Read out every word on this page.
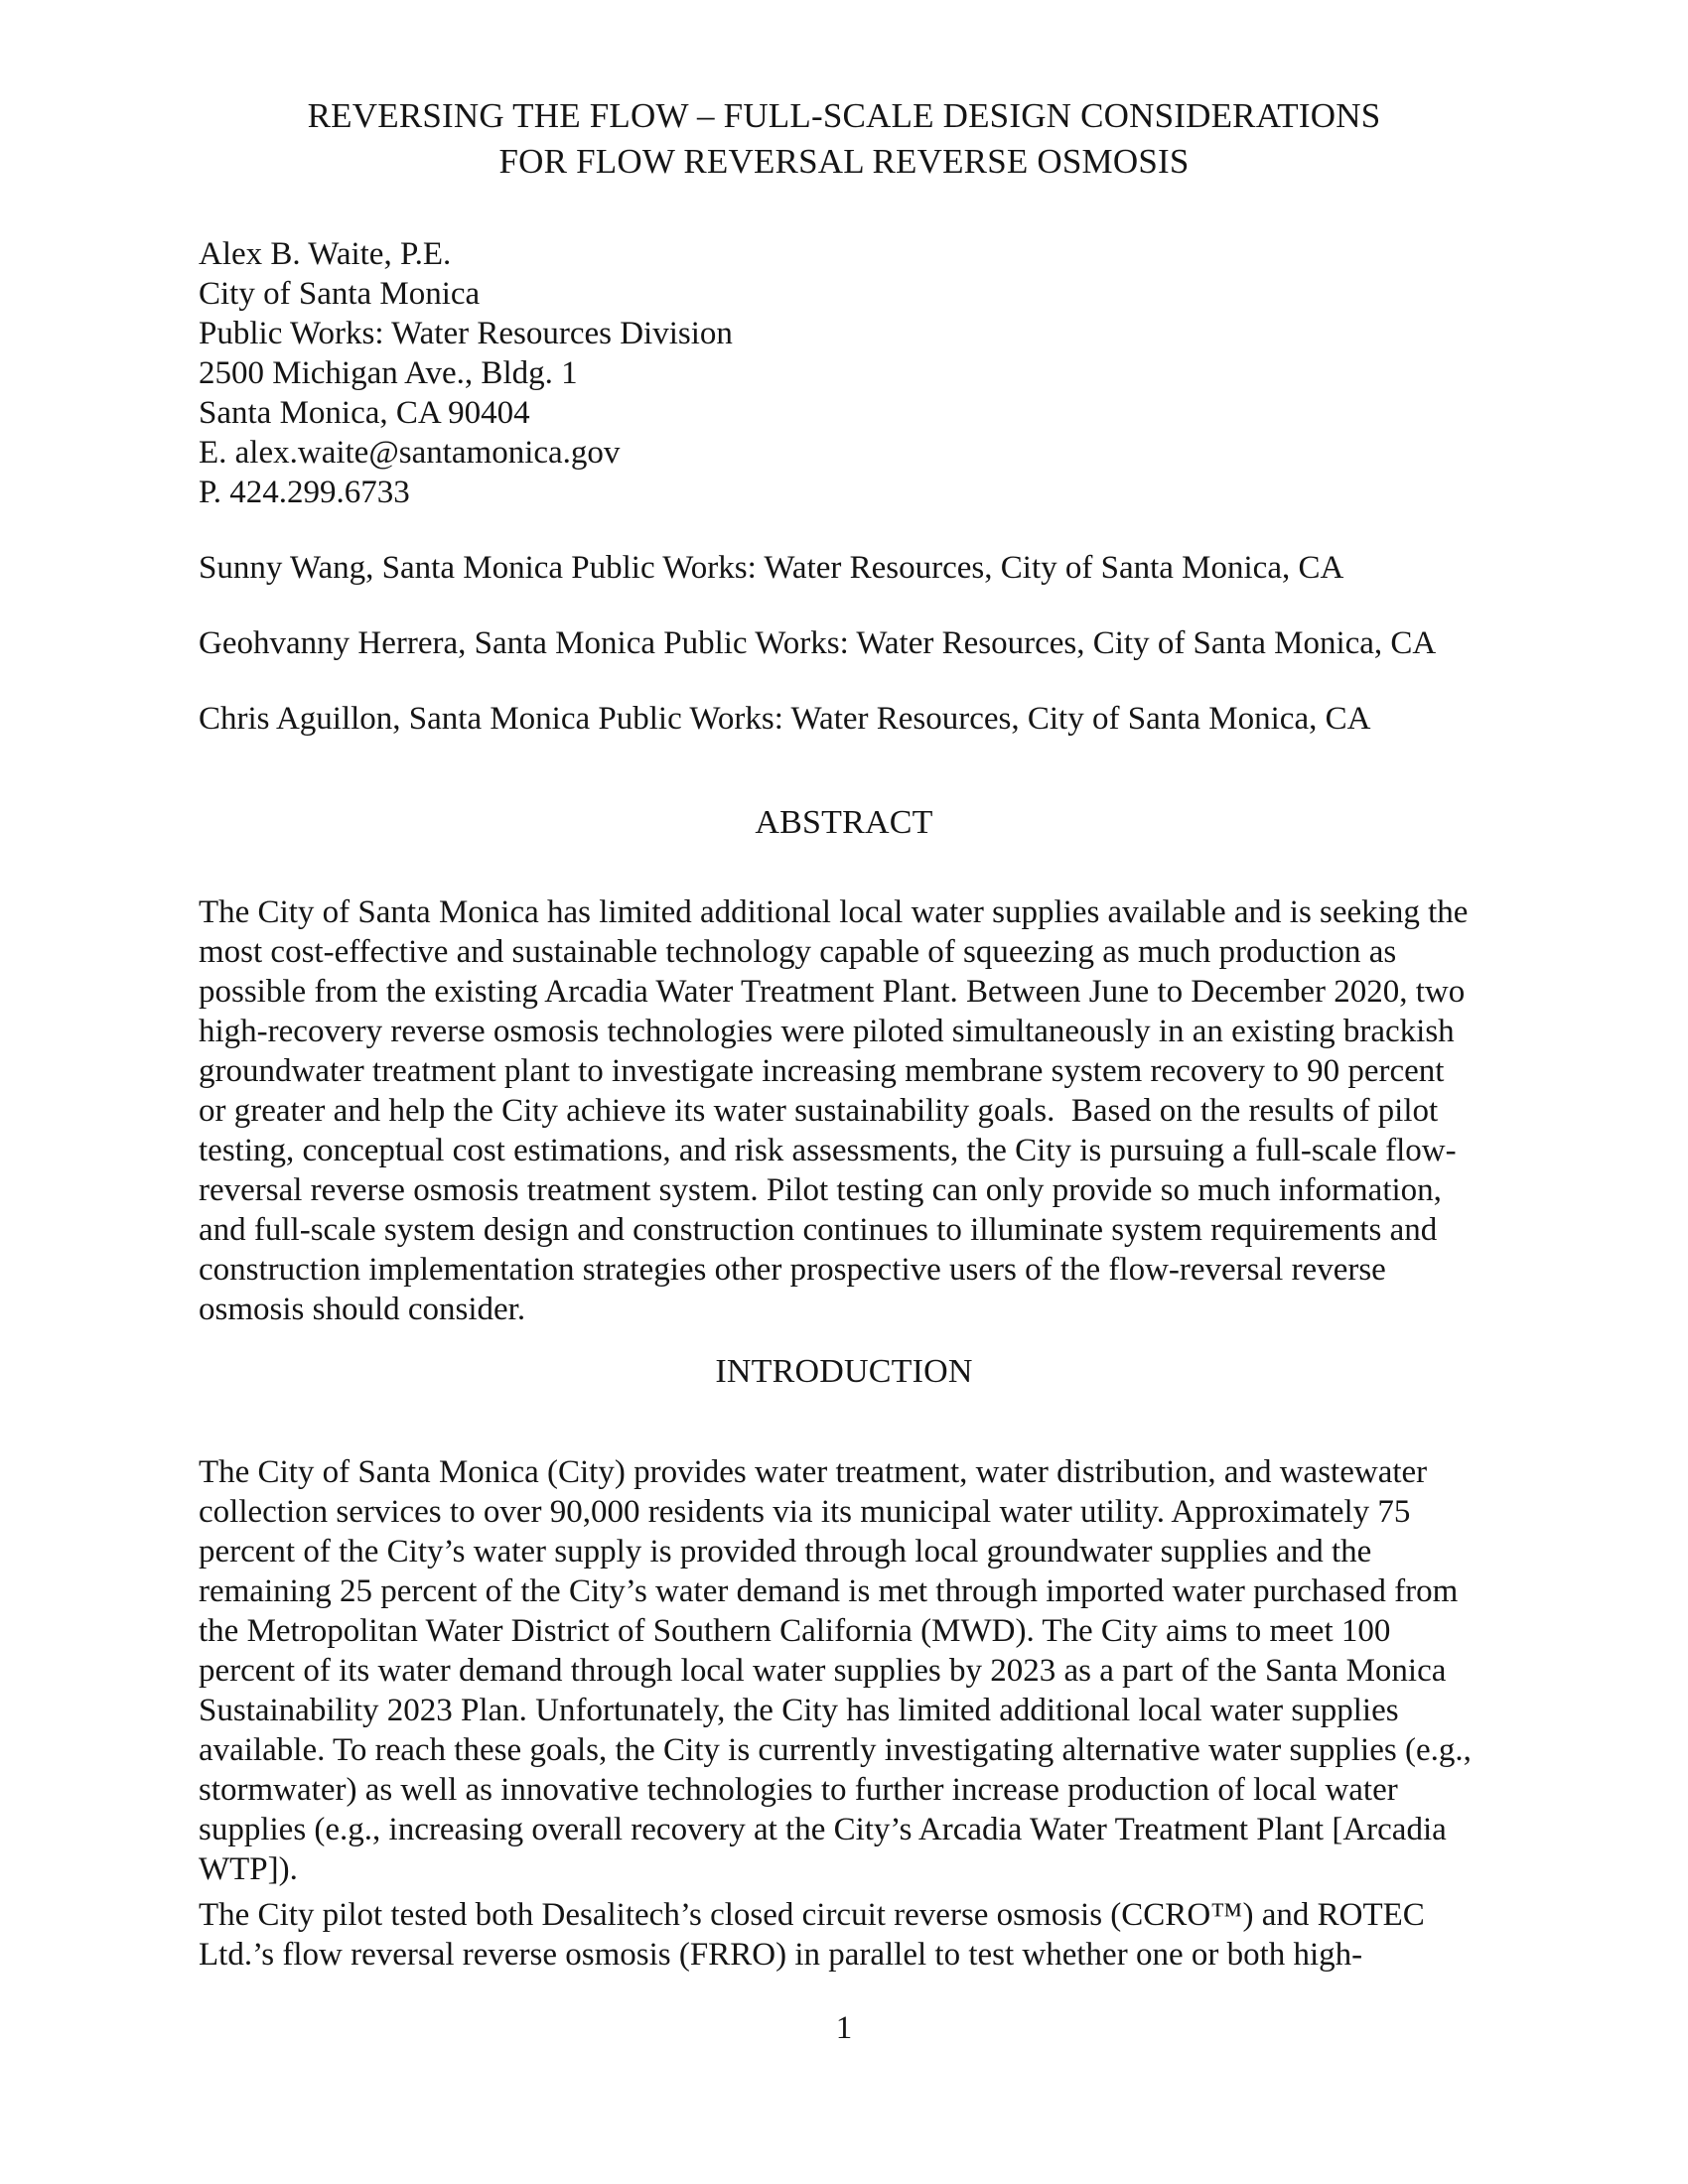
REVERSING THE FLOW – FULL-SCALE DESIGN CONSIDERATIONS
FOR FLOW REVERSAL REVERSE OSMOSIS
Alex B. Waite, P.E.
City of Santa Monica
Public Works: Water Resources Division
2500 Michigan Ave., Bldg. 1
Santa Monica, CA 90404
E. alex.waite@santamonica.gov
P. 424.299.6733
Sunny Wang, Santa Monica Public Works: Water Resources, City of Santa Monica, CA
Geohvanny Herrera, Santa Monica Public Works: Water Resources, City of Santa Monica, CA
Chris Aguillon, Santa Monica Public Works: Water Resources, City of Santa Monica, CA
ABSTRACT
The City of Santa Monica has limited additional local water supplies available and is seeking the
most cost-effective and sustainable technology capable of squeezing as much production as
possible from the existing Arcadia Water Treatment Plant. Between June to December 2020, two
high-recovery reverse osmosis technologies were piloted simultaneously in an existing brackish
groundwater treatment plant to investigate increasing membrane system recovery to 90 percent
or greater and help the City achieve its water sustainability goals.  Based on the results of pilot
testing, conceptual cost estimations, and risk assessments, the City is pursuing a full-scale flow-
reversal reverse osmosis treatment system. Pilot testing can only provide so much information,
and full-scale system design and construction continues to illuminate system requirements and
construction implementation strategies other prospective users of the flow-reversal reverse
osmosis should consider.
INTRODUCTION
The City of Santa Monica (City) provides water treatment, water distribution, and wastewater
collection services to over 90,000 residents via its municipal water utility. Approximately 75
percent of the City’s water supply is provided through local groundwater supplies and the
remaining 25 percent of the City’s water demand is met through imported water purchased from
the Metropolitan Water District of Southern California (MWD). The City aims to meet 100
percent of its water demand through local water supplies by 2023 as a part of the Santa Monica
Sustainability 2023 Plan. Unfortunately, the City has limited additional local water supplies
available. To reach these goals, the City is currently investigating alternative water supplies (e.g.,
stormwater) as well as innovative technologies to further increase production of local water
supplies (e.g., increasing overall recovery at the City’s Arcadia Water Treatment Plant [Arcadia
WTP]).
The City pilot tested both Desalitech’s closed circuit reverse osmosis (CCRO™) and ROTEC
Ltd.’s flow reversal reverse osmosis (FRRO) in parallel to test whether one or both high-
1
